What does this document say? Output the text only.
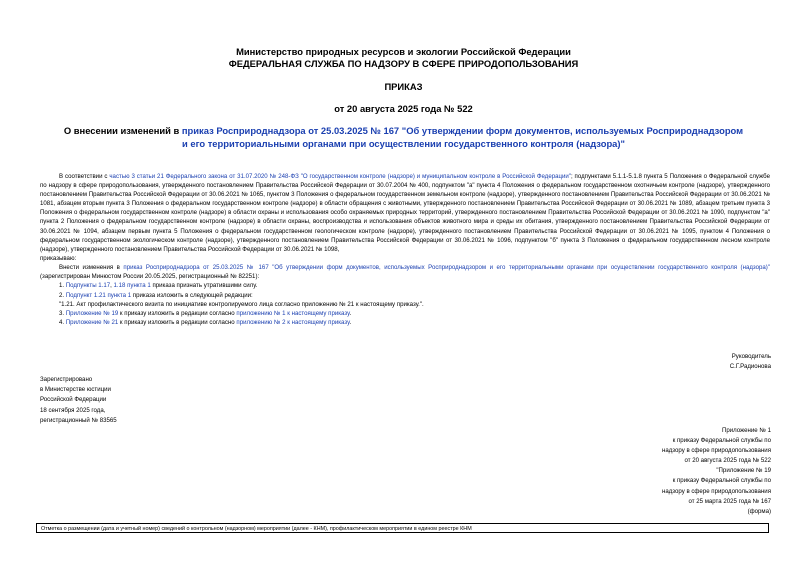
Министерство природных ресурсов и экологии Российской Федерации
ФЕДЕРАЛЬНАЯ СЛУЖБА ПО НАДЗОРУ В СФЕРЕ ПРИРОДОПОЛЬЗОВАНИЯ
ПРИКАЗ
от 20 августа 2025 года № 522
О внесении изменений в приказ Росприроднадзора от 25.03.2025 № 167 "Об утверждении форм документов, используемых Росприроднадзором и его территориальными органами при осуществлении государственного контроля (надзора)"

В соответствии с частью 3 статьи 21 Федерального закона от 31.07.2020 № 248-ФЗ "О государственном контроле (надзоре) и муниципальном контроле в Российской Федерации"; подпунктами 5.1.1-5.1.8 пункта 5 Положения о Федеральной службе по надзору в сфере природопользования, утвержденного постановлением Правительства Российской Федерации от 30.07.2004 № 400, подпунктом "а" пункта 4 Положения о федеральном государственном охотничьем контроле (надзоре), утвержденного постановлением Правительства Российской Федерации от 30.06.2021 № 1065, пунктом 3 Положения о федеральном государственном земельном контроле (надзоре), утвержденного постановлением Правительства Российской Федерации от 30.06.2021 № 1081, абзацем вторым пункта 3 Положения о федеральном государственном контроле (надзоре) в области обращения с животными, утвержденного постановлением Правительства Российской Федерации от 30.06.2021 № 1089, абзацем третьим пункта 3 Положения о федеральном государственном контроле (надзоре) в области охраны и использования особо охраняемых природных территорий, утвержденного постановлением Правительства Российской Федерации от 30.06.2021 № 1090, подпунктом "а" пункта 2 Положения о федеральном государственном контроле (надзоре) в области охраны, воспроизводства и использования объектов животного мира и среды их обитания, утвержденного постановлением Правительства Российской Федерации от 30.06.2021 № 1094, абзацем первым пункта 5 Положения о федеральном государственном геологическом контроле (надзоре), утвержденного постановлением Правительства Российской Федерации от 30.06.2021 № 1095, пунктом 4 Положения о федеральном государственном экологическом контроле (надзоре), утвержденного постановлением Правительства Российской Федерации от 30.06.2021 № 1096, подпунктом "б" пункта 3 Положения о федеральном государственном лесном контроле (надзоре), утвержденного постановлением Правительства Российской Федерации от 30.06.2021 № 1098,

приказываю:

Внести изменения в приказ Росприроднадзора от 25.03.2025 № 167 "Об утверждении форм документов, используемых Росприроднадзором и его территориальными органами при осуществлении государственного контроля (надзора)" (зарегистрирован Минюстом России 20.05.2025, регистрационный № 82251):

1. Подпункты 1.17, 1.18 пункта 1 приказа признать утратившими силу.

2. Подпункт 1.21 пункта 1 приказа изложить в следующей редакции:

"1.21. Акт профилактического визита по инициативе контролируемого лица согласно приложению № 21 к настоящему приказу.".

3. Приложение № 19 к приказу изложить в редакции согласно приложению № 1 к настоящему приказу.

4. Приложение № 21 к приказу изложить в редакции согласно приложению № 2 к настоящему приказу.

Руководитель
С.Г.Радионова
Зарегистрировано
в Министерстве юстиции
Российской Федерации
18 сентября 2025 года,
регистрационный № 83565
Приложение № 1
к приказу Федеральной службы по
надзору в сфере природопользования
от 20 августа 2025 года № 522
"Приложение № 19
к приказу Федеральной службы по
надзору в сфере природопользования
от 25 марта 2025 года № 167
(форма)
Отметка о размещении (дата и учетный номер) сведений о контрольном (надзорном) мероприятии (далее - КНМ), профилактическом мероприятии в едином реестре КНМ
